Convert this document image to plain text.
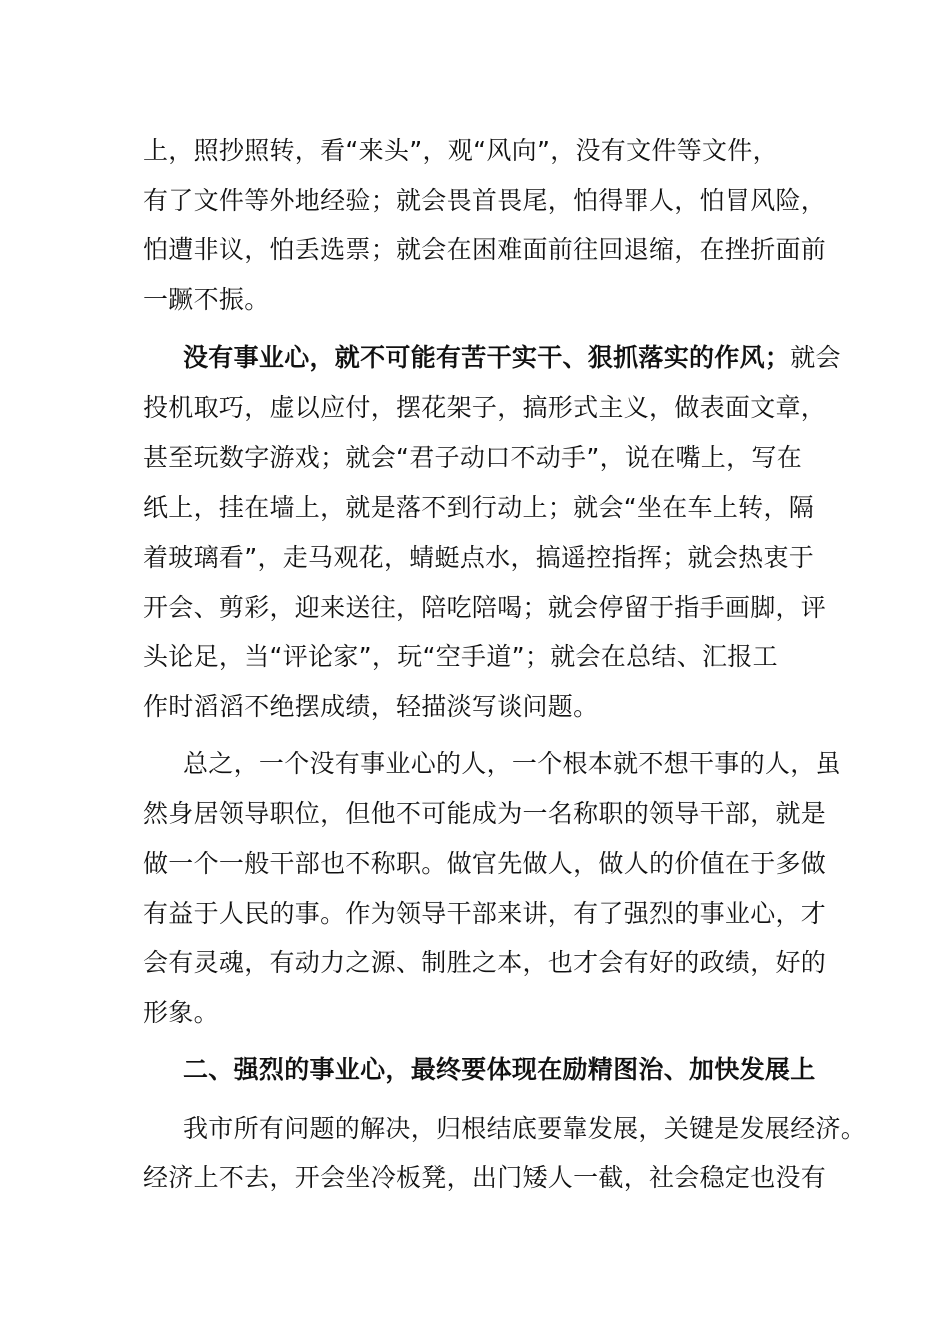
上，照抄照转，看“来头”，观“风向”，没有文件等文件，
有了文件等外地经验；就会畏首畏尾，怕得罪人，怕冒风险，
怕遭非议，怕丢选票；就会在困难面前往回退缩，在挫折面前
一蹶不振。
没有事业心，就不可能有苦干实干、狠抓落实的作风；就会
投机取巧，虚以应付，摆花架子，搞形式主义，做表面文章，
甚至玩数字游戏；就会“君子动口不动手”，说在嘴上，写在
纸上，挂在墙上，就是落不到行动上；就会“坐在车上转，隔
着玻璃看”，走马观花，蜻蜓点水，搞遥控指挥；就会热衷于
开会、剪彩，迎来送往，陪吃陪喝；就会停留于指手画脚，评
头论足，当“评论家”，玩“空手道”；就会在总结、汇报工
作时滔滔不绝摆成绩，轻描淡写谈问题。
总之，一个没有事业心的人，一个根本就不想干事的人，虽
然身居领导职位，但他不可能成为一名称职的领导干部，就是
做一个一般干部也不称职。做官先做人，做人的价值在于多做
有益于人民的事。作为领导干部来讲，有了强烈的事业心，才
会有灵魂，有动力之源、制胜之本，也才会有好的政绩，好的
形象。
二、强烈的事业心，最终要体现在励精图治、加快发展上
我市所有问题的解决，归根结底要靠发展，关键是发展经济。
经济上不去，开会坐冷板凳，出门矮人一截，社会稳定也没有
